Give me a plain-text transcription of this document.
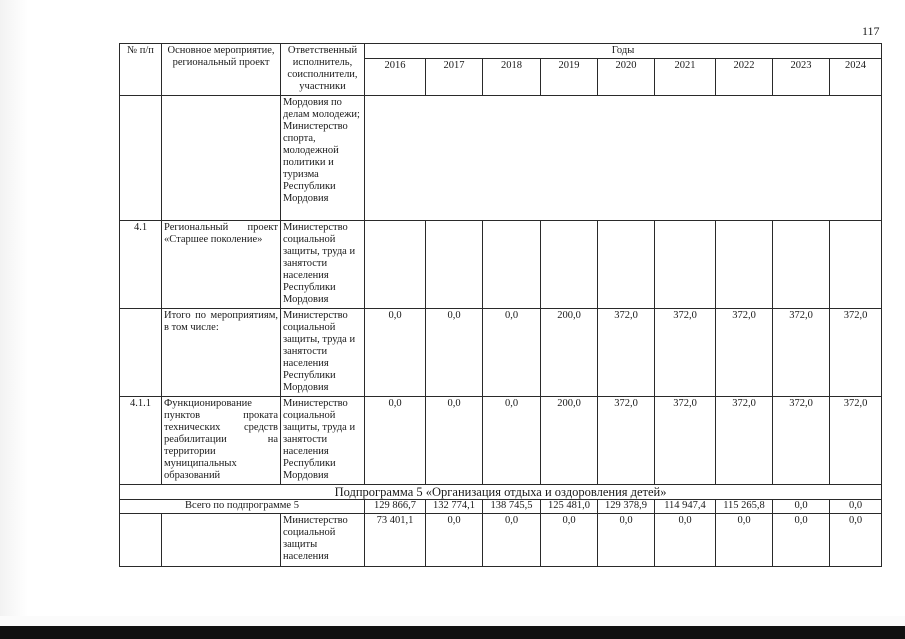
117
№ п/п	Основное мероприятие, региональный проект	Ответственный исполнитель, соисполнители, участники	Годы								
			2016	2017	2018	2019	2020	2021	2022	2023	2024
		Мордовия по делам молодежи; Министерство спорта, молодежной политики и туризма Республики Мордовия									
4.1	Региональный проект «Старшее поколение»	Министерство социальной защиты, труда и занятости населения Республики Мордовия									
	Итого по мероприятиям, в том числе:	Министерство социальной защиты, труда и занятости населения Республики Мордовия	0,0	0,0	0,0	200,0	372,0	372,0	372,0	372,0	372,0
4.1.1	Функционирование пунктов проката технических средств реабилитации на территории муниципальных образований	Министерство социальной защиты, труда и занятости населения Республики Мордовия	0,0	0,0	0,0	200,0	372,0	372,0	372,0	372,0	372,0
Подпрограмма 5 «Организация отдыха и оздоровления детей»											
Всего по подпрограмме 5			129 866,7	132 774,1	138 745,5	125 481,0	129 378,9	114 947,4	115 265,8	0,0	0,0
		Министерство социальной защиты населения	73 401,1	0,0	0,0	0,0	0,0	0,0	0,0	0,0	0,0
